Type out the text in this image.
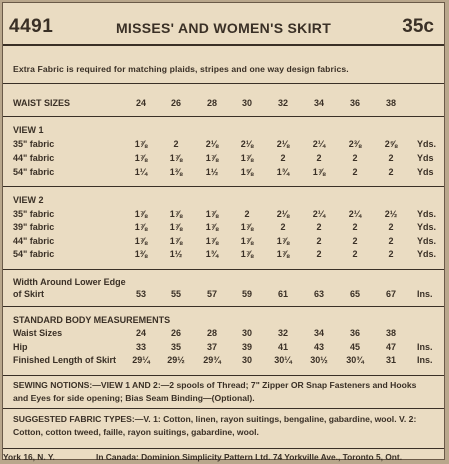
4491	MISSES' AND WOMEN'S SKIRT	35c
Extra Fabric is required for matching plaids, stripes and one way design fabrics.
WAIST SIZES	24	26	28	30	32	34	36	38
VIEW 1
35" fabric	1⅞	2	2⅛	2⅛	2⅛	2¼	2⅜	2⅝	Yds.
44" fabric	1⅞	1⅞	1⅞	1⅞	2	2	2	2	Yds
54" fabric	1¼	1⅜	1½	1⅝	1¾	1⅞	2	2	Yds
VIEW 2
35" fabric	1⅞	1⅞	1⅞	2	2⅛	2¼	2¼	2½	Yds.
39" fabric	1⅞	1⅞	1⅞	1⅞	2	2	2	2	Yds.
44" fabric	1⅞	1⅞	1⅞	1⅞	1⅞	2	2	2	Yds.
54" fabric	1⅜	1½	1¾	1⅞	1⅞	2	2	2	Yds.
Width Around Lower Edge
of Skirt	53	55	57	59	61	63	65	67	Ins.
STANDARD BODY MEASUREMENTS
Waist Sizes	24	26	28	30	32	34	36	38
Hip	33	35	37	39	41	43	45	47	Ins.
Finished Length of Skirt	29¼	29½	29¾	30	30¼	30½	30¾	31	Ins.
SEWING NOTIONS:—VIEW 1 AND 2:—2 spools of Thread; 7" Zipper OR Snap Fasteners and Hooks and Eyes for side opening; Bias Seam Binding—(Optional).
SUGGESTED FABRIC TYPES:—V. 1: Cotton, linen, rayon suitings, bengaline, gabardine, wool. V. 2: Cotton, cotton tweed, faille, rayon suitings, gabardine, wool.
York 16, N. Y.	In Canada: Dominion Simplicity Pattern Ltd. 74 Yorkville Ave., Toronto 5, Ont.
